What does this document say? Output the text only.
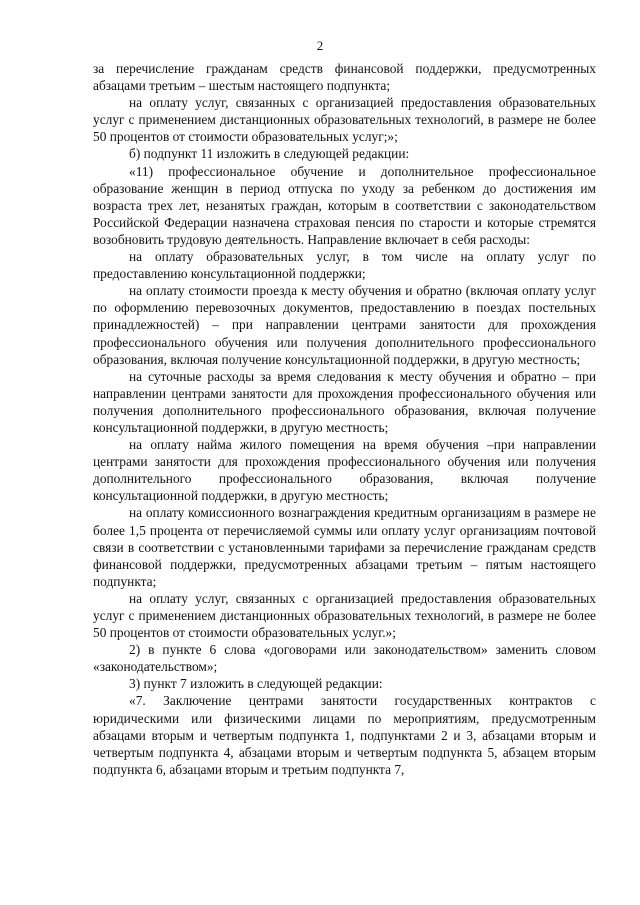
2

за перечисление гражданам средств финансовой поддержки, предусмотренных абзацами третьим – шестым настоящего подпункта;

на оплату услуг, связанных с организацией предоставления образовательных услуг с применением дистанционных образовательных технологий, в размере не более 50 процентов от стоимости образовательных услуг;»;

б) подпункт 11 изложить в следующей редакции:

«11) профессиональное обучение и дополнительное профессиональное образование женщин в период отпуска по уходу за ребенком до достижения им возраста трех лет, незанятых граждан, которым в соответствии с законодательством Российской Федерации назначена страховая пенсия по старости и которые стремятся возобновить трудовую деятельность. Направление включает в себя расходы:

на оплату образовательных услуг, в том числе на оплату услуг по предоставлению консультационной поддержки;

на оплату стоимости проезда к месту обучения и обратно (включая оплату услуг по оформлению перевозочных документов, предоставлению в поездах постельных принадлежностей) – при направлении центрами занятости для прохождения профессионального обучения или получения дополнительного профессионального образования, включая получение консультационной поддержки, в другую местность;

на суточные расходы за время следования к месту обучения и обратно – при направлении центрами занятости для прохождения профессионального обучения или получения дополнительного профессионального образования, включая получение консультационной поддержки, в другую местность;

на оплату найма жилого помещения на время обучения –при направлении центрами занятости для прохождения профессионального обучения или получения дополнительного профессионального образования, включая получение консультационной поддержки, в другую местность;

на оплату комиссионного вознаграждения кредитным организациям в размере не более 1,5 процента от перечисляемой суммы или оплату услуг организациям почтовой связи в соответствии с установленными тарифами за перечисление гражданам средств финансовой поддержки, предусмотренных абзацами третьим – пятым настоящего подпункта;

на оплату услуг, связанных с организацией предоставления образовательных услуг с применением дистанционных образовательных технологий, в размере не более 50 процентов от стоимости образовательных услуг.»;

2) в пункте 6 слова «договорами или законодательством» заменить словом «законодательством»;

3) пункт 7 изложить в следующей редакции:

«7. Заключение центрами занятости государственных контрактов с юридическими или физическими лицами по мероприятиям, предусмотренным абзацами вторым и четвертым подпункта 1, подпунктами 2 и 3, абзацами вторым и четвертым подпункта 4, абзацами вторым и четвертым подпункта 5, абзацем вторым подпункта 6, абзацами вторым и третьим подпункта 7,
